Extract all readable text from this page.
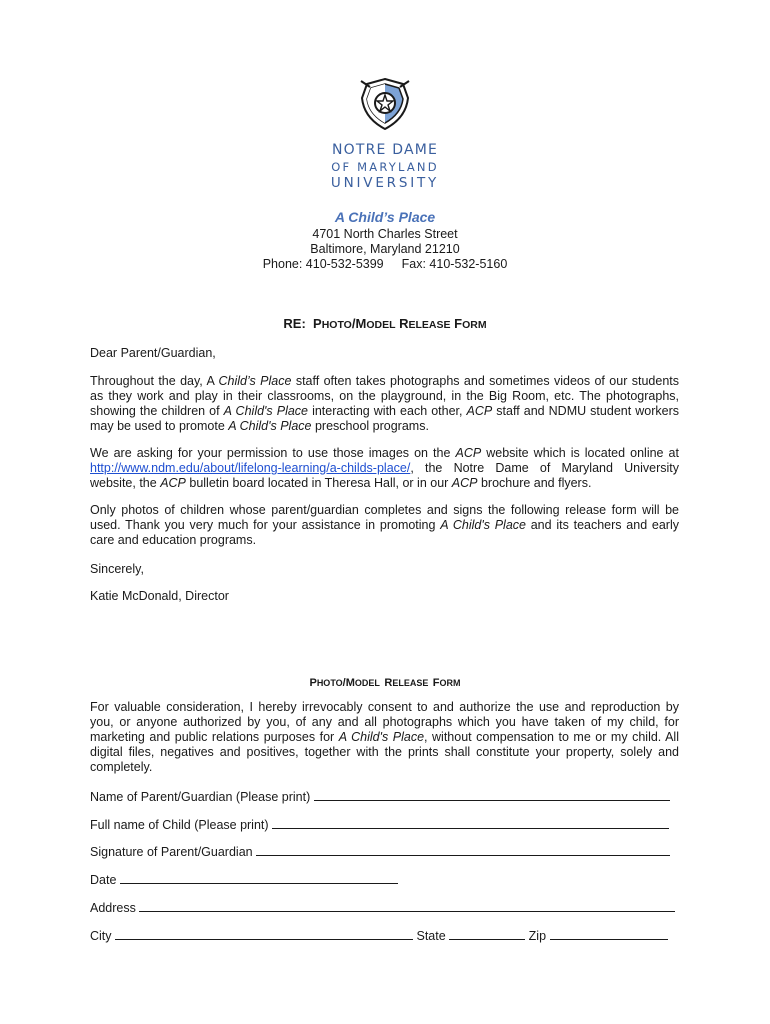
NOTRE DAME
OF MARYLAND
UNIVERSITY
A Child’s Place
4701 North Charles Street
Baltimore, Maryland 21210
Phone: 410-532-5399 Fax: 410-532-5160
RE: PHOTO/MODEL RELEASE FORM
Dear Parent/Guardian,
Throughout the day, A Child’s Place staff often takes photographs and sometimes videos of our students
as they work and play in their classrooms, on the playground, in the Big Room, etc. The photographs,
showing the children of A Child's Place interacting with each other, ACP staff and NDMU student workers
may be used to promote A Child's Place preschool programs.
We are asking for your permission to use those images on the ACP website which is located online at
http://www.ndm.edu/about/lifelong-learning/a-childs-place/, the Notre Dame of Maryland University
website, the ACP bulletin board located in Theresa Hall, or in our ACP brochure and flyers.
Only photos of children whose parent/guardian completes and signs the following release form will be
used. Thank you very much for your assistance in promoting A Child's Place and its teachers and early
care and education programs.
Sincerely,
Katie McDonald, Director
PHOTO/MODEL RELEASE FORM
For valuable consideration, I hereby irrevocably consent to and authorize the use and reproduction by
you, or anyone authorized by you, of any and all photographs which you have taken of my child, for
marketing and public relations purposes for A Child's Place, without compensation to me or my child. All
digital files, negatives and positives, together with the prints shall constitute your property, solely and
completely.
Name of Parent/Guardian (Please print)
Full name of Child (Please print)
Signature of Parent/Guardian
Date
Address
City	State	Zip
